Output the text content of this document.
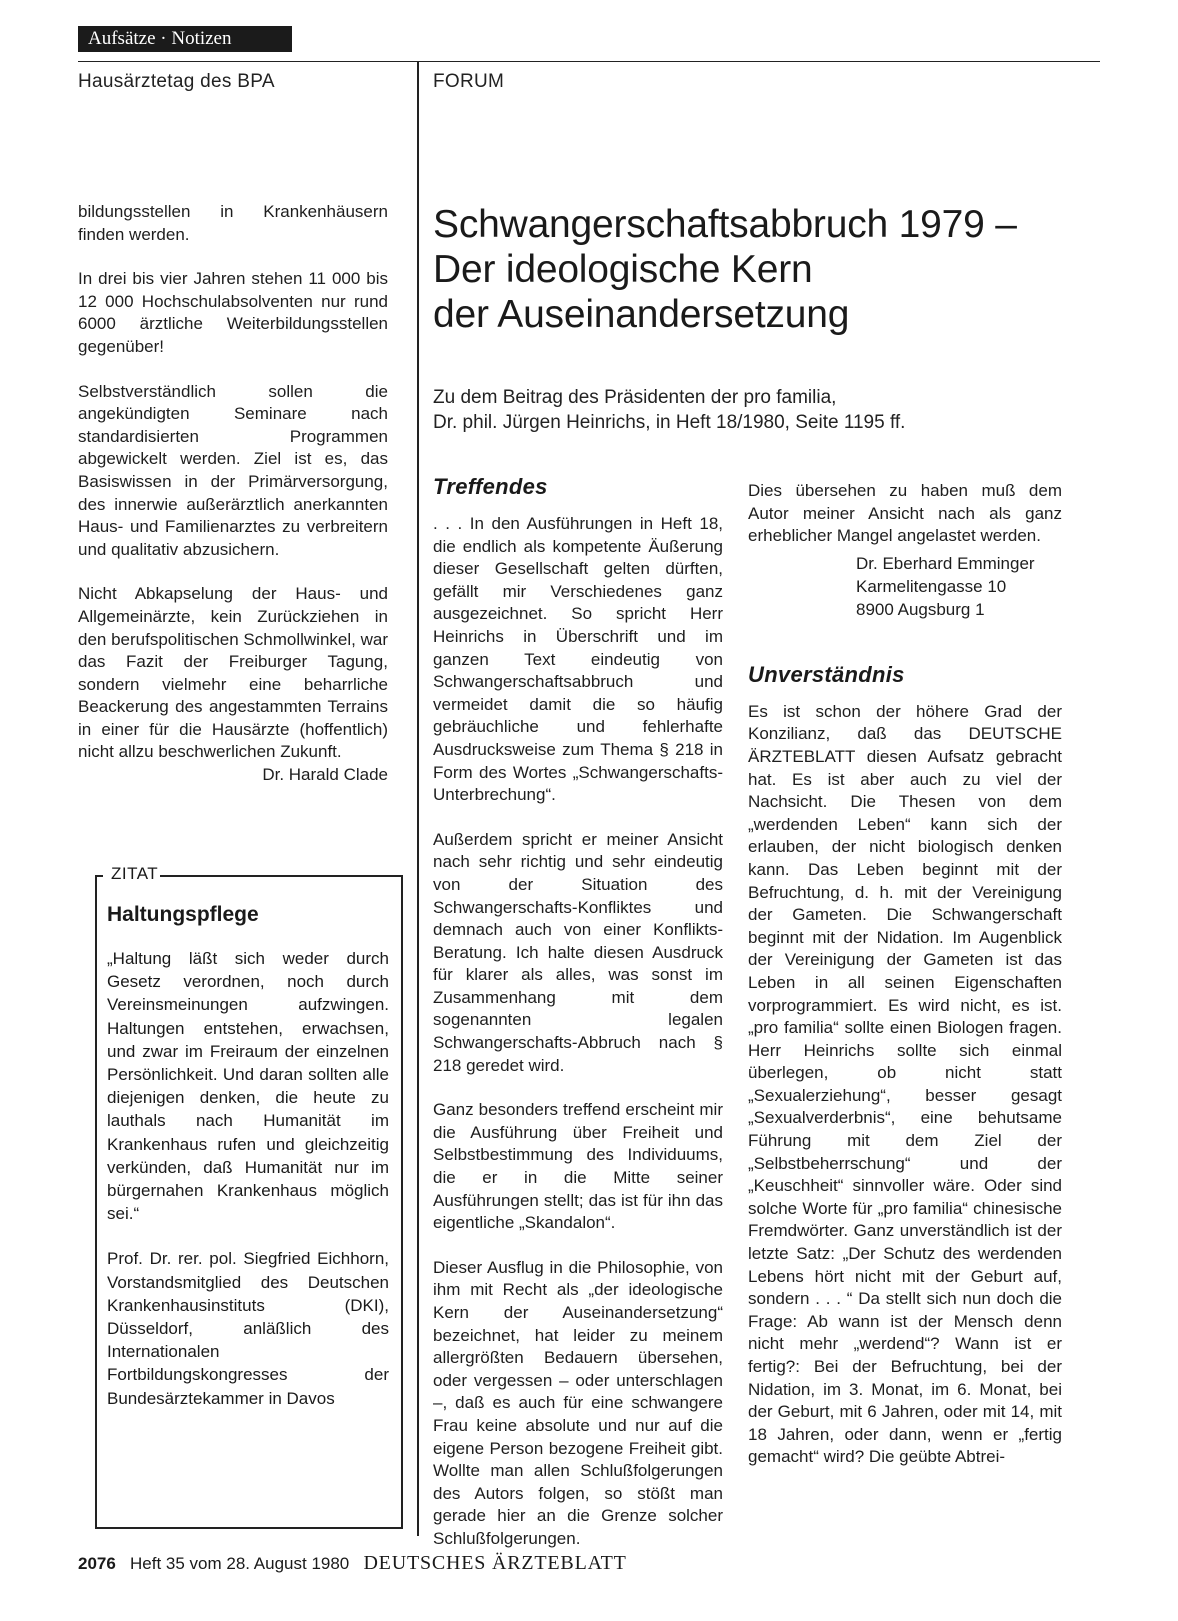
Aufsätze · Notizen
Hausärztetag des BPA	FORUM

bildungsstellen in Krankenhäusern finden werden.

In drei bis vier Jahren stehen 11 000 bis 12 000 Hochschulabsolventen nur rund 6000 ärztliche Weiterbildungsstellen gegenüber!

Selbstverständlich sollen die angekündigten Seminare nach standardisierten Programmen abgewickelt werden. Ziel ist es, das Basiswissen in der Primärversorgung, des innerwie außerärztlich anerkannten Haus- und Familienarztes zu verbreitern und qualitativ abzusichern.

Nicht Abkapselung der Haus- und Allgemeinärzte, kein Zurückziehen in den berufspolitischen Schmollwinkel, war das Fazit der Freiburger Tagung, sondern vielmehr eine beharrliche Beackerung des angestammten Terrains in einer für die Hausärzte (hoffentlich) nicht allzu beschwerlichen Zukunft.

Dr. Harald Clade

ZITAT
Haltungspflege

„Haltung läßt sich weder durch Gesetz verordnen, noch durch Vereinsmeinungen aufzwingen. Haltungen entstehen, erwachsen, und zwar im Freiraum der einzelnen Persönlichkeit. Und daran sollten alle diejenigen denken, die heute zu lauthals nach Humanität im Krankenhaus rufen und gleichzeitig verkünden, daß Humanität nur im bürgernahen Krankenhaus möglich sei.“

Prof. Dr. rer. pol. Siegfried Eichhorn, Vorstandsmitglied des Deutschen Krankenhausinstituts (DKI), Düsseldorf, anläßlich des Internationalen Fortbildungskongresses der Bundesärztekammer in Davos

Schwangerschaftsabbruch 1979 –
Der ideologische Kern
der Auseinandersetzung
Zu dem Beitrag des Präsidenten der pro familia,
Dr. phil. Jürgen Heinrichs, in Heft 18/1980, Seite 1195 ff.
Treffendes

. . . In den Ausführungen in Heft 18, die endlich als kompetente Äußerung dieser Gesellschaft gelten dürften, gefällt mir Verschiedenes ganz ausgezeichnet. So spricht Herr Heinrichs in Überschrift und im ganzen Text eindeutig von Schwangerschaftsabbruch und vermeidet damit die so häufig gebräuchliche und fehlerhafte Ausdrucksweise zum Thema § 218 in Form des Wortes „Schwangerschafts-Unterbrechung“.

Außerdem spricht er meiner Ansicht nach sehr richtig und sehr eindeutig von der Situation des Schwangerschafts-Konfliktes und demnach auch von einer Konflikts-Beratung. Ich halte diesen Ausdruck für klarer als alles, was sonst im Zusammenhang mit dem sogenannten legalen Schwangerschafts-Abbruch nach § 218 geredet wird.

Ganz besonders treffend erscheint mir die Ausführung über Freiheit und Selbstbestimmung des Individuums, die er in die Mitte seiner Ausführungen stellt; das ist für ihn das eigentliche „Skandalon“.

Dieser Ausflug in die Philosophie, von ihm mit Recht als „der ideologische Kern der Auseinandersetzung“ bezeichnet, hat leider zu meinem allergrößten Bedauern übersehen, oder vergessen – oder unterschlagen –, daß es auch für eine schwangere Frau keine absolute und nur auf die eigene Person bezogene Freiheit gibt. Wollte man allen Schlußfolgerungen des Autors folgen, so stößt man gerade hier an die Grenze solcher Schlußfolgerungen.

Dies übersehen zu haben muß dem Autor meiner Ansicht nach als ganz erheblicher Mangel angelastet werden.

Dr. Eberhard Emminger
Karmelitengasse 10
8900 Augsburg 1
Unverständnis

Es ist schon der höhere Grad der Konzilianz, daß das DEUTSCHE ÄRZTEBLATT diesen Aufsatz gebracht hat. Es ist aber auch zu viel der Nachsicht. Die Thesen von dem „werdenden Leben“ kann sich der erlauben, der nicht biologisch denken kann. Das Leben beginnt mit der Befruchtung, d. h. mit der Vereinigung der Gameten. Die Schwangerschaft beginnt mit der Nidation. Im Augenblick der Vereinigung der Gameten ist das Leben in all seinen Eigenschaften vorprogrammiert. Es wird nicht, es ist. „pro familia“ sollte einen Biologen fragen. Herr Heinrichs sollte sich einmal überlegen, ob nicht statt „Sexualerziehung“, besser gesagt „Sexualverderbnis“, eine behutsame Führung mit dem Ziel der „Selbstbeherrschung“ und der „Keuschheit“ sinnvoller wäre. Oder sind solche Worte für „pro familia“ chinesische Fremdwörter. Ganz unverständlich ist der letzte Satz: „Der Schutz des werdenden Lebens hört nicht mit der Geburt auf, sondern . . . “ Da stellt sich nun doch die Frage: Ab wann ist der Mensch denn nicht mehr „werdend“? Wann ist er fertig?: Bei der Befruchtung, bei der Nidation, im 3. Monat, im 6. Monat, bei der Geburt, mit 6 Jahren, oder mit 14, mit 18 Jahren, oder dann, wenn er „fertig gemacht“ wird? Die geübte Abtrei-

2076 Heft 35 vom 28. August 1980 DEUTSCHES ÄRZTEBLATT
